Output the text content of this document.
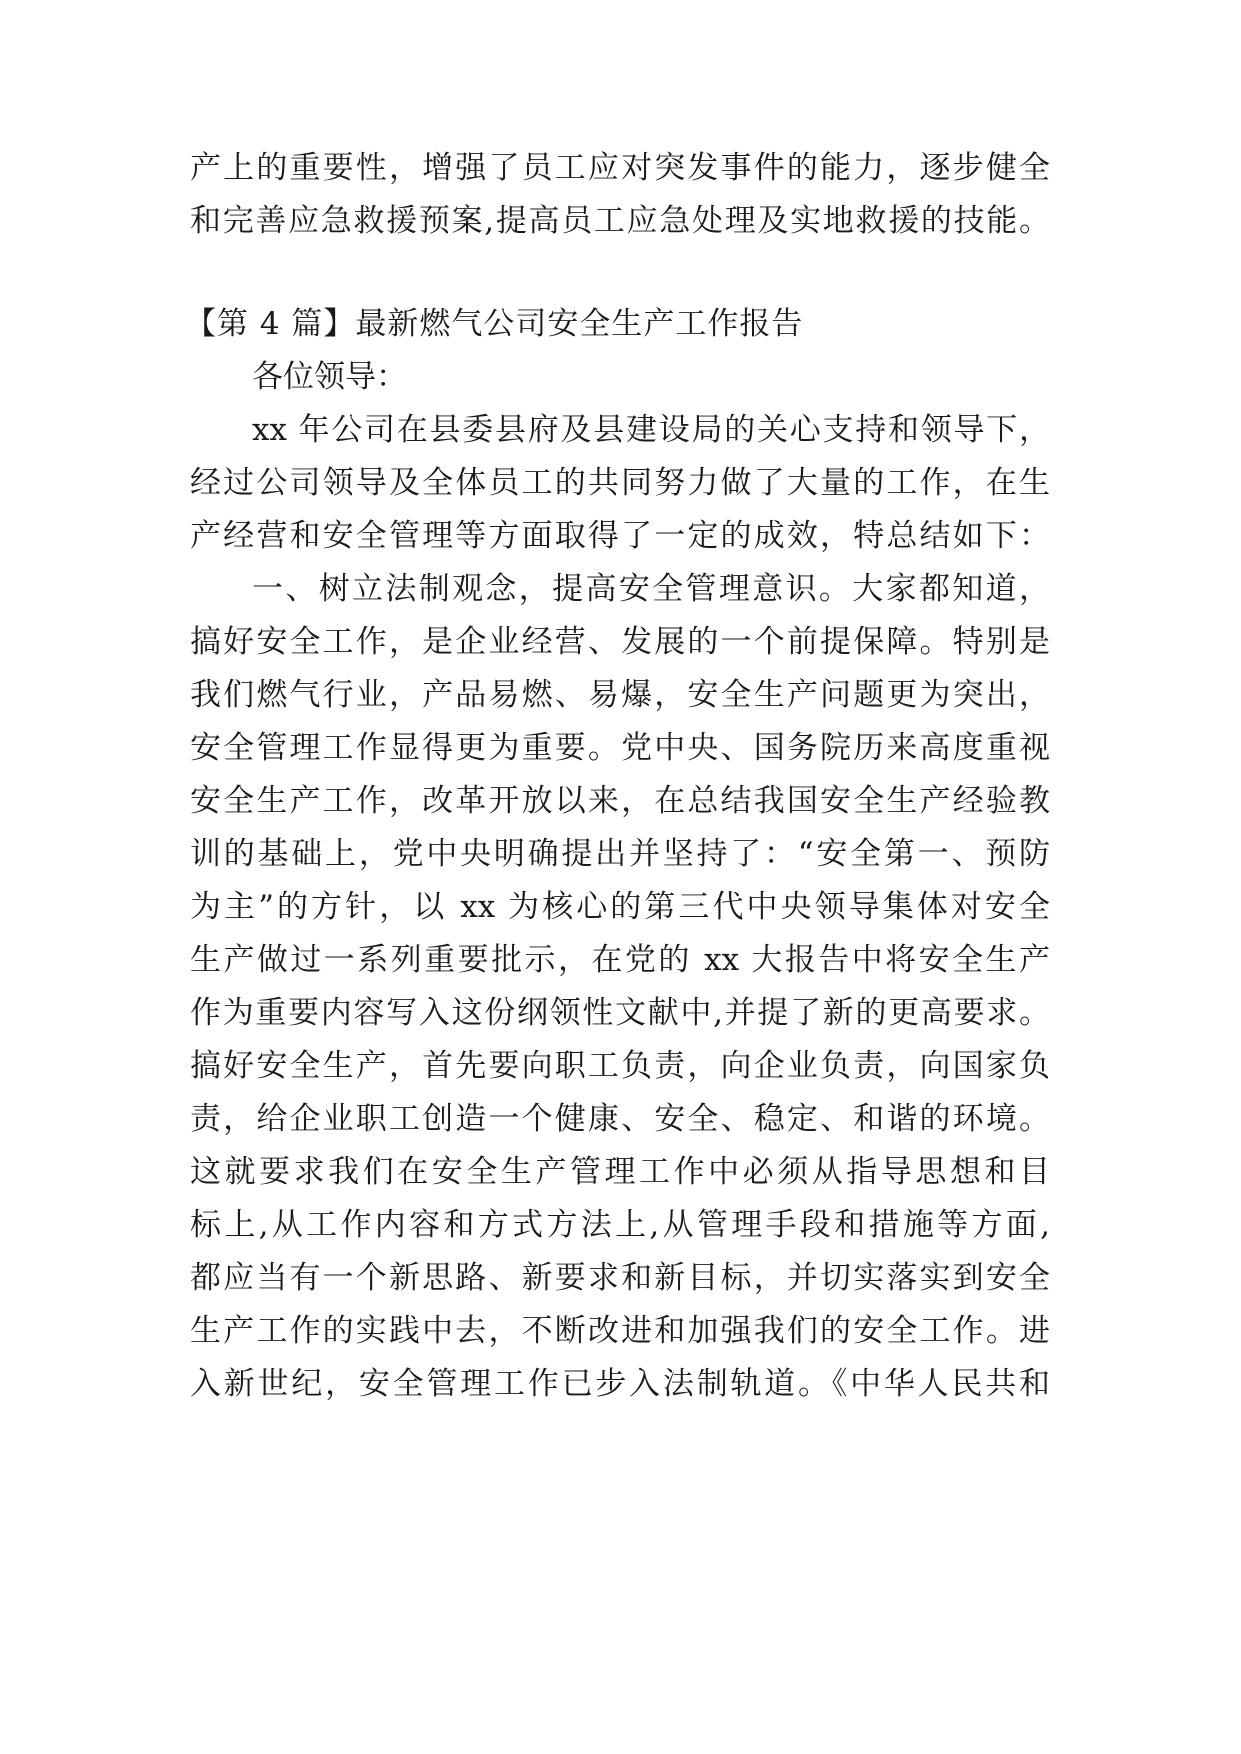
产上的重要性，增强了员工应对突发事件的能力，逐步健全
和完善应急救援预案,提高员工应急处理及实地救援的技能。
【第 4 篇】最新燃气公司安全生产工作报告
各位领导：
xx 年公司在县委县府及县建设局的关心支持和领导下，
经过公司领导及全体员工的共同努力做了大量的工作，在生
产经营和安全管理等方面取得了一定的成效，特总结如下：
一、树立法制观念，提高安全管理意识。大家都知道，
搞好安全工作，是企业经营、发展的一个前提保障。特别是
我们燃气行业，产品易燃、易爆，安全生产问题更为突出，
安全管理工作显得更为重要。党中央、国务院历来高度重视
安全生产工作，改革开放以来，在总结我国安全生产经验教
训的基础上，党中央明确提出并坚持了：“安全第一、预防
为主”的方针，以 xx 为核心的第三代中央领导集体对安全
生产做过一系列重要批示，在党的 xx 大报告中将安全生产
作为重要内容写入这份纲领性文献中,并提了新的更高要求。
搞好安全生产，首先要向职工负责，向企业负责，向国家负
责，给企业职工创造一个健康、安全、稳定、和谐的环境。
这就要求我们在安全生产管理工作中必须从指导思想和目
标上,从工作内容和方式方法上,从管理手段和措施等方面,
都应当有一个新思路、新要求和新目标，并切实落实到安全
生产工作的实践中去，不断改进和加强我们的安全工作。进
入新世纪，安全管理工作已步入法制轨道。《中华人民共和
